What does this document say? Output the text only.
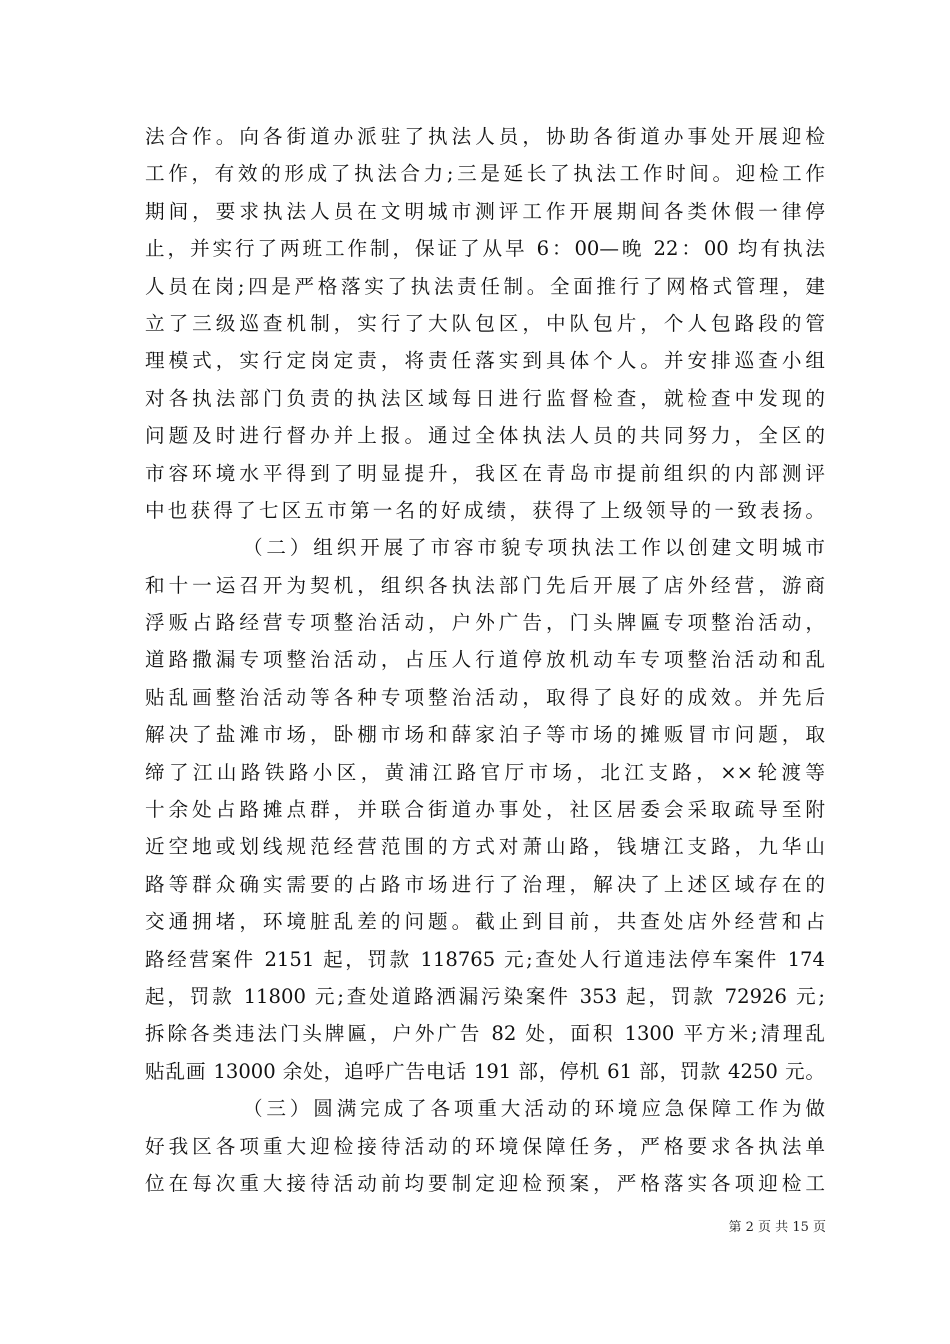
法合作。向各街道办派驻了执法人员，协助各街道办事处开展迎检
工作，有效的形成了执法合力;三是延长了执法工作时间。迎检工作
期间，要求执法人员在文明城市测评工作开展期间各类休假一律停
止，并实行了两班工作制，保证了从早 6：00—晚 22：00 均有执法
人员在岗;四是严格落实了执法责任制。全面推行了网格式管理，建
立了三级巡查机制，实行了大队包区，中队包片，个人包路段的管
理模式，实行定岗定责，将责任落实到具体个人。并安排巡查小组
对各执法部门负责的执法区域每日进行监督检查，就检查中发现的
问题及时进行督办并上报。通过全体执法人员的共同努力，全区的
市容环境水平得到了明显提升，我区在青岛市提前组织的内部测评
中也获得了七区五市第一名的好成绩，获得了上级领导的一致表扬。
（二）组织开展了市容市貌专项执法工作以创建文明城市
和十一运召开为契机，组织各执法部门先后开展了店外经营，游商
浮贩占路经营专项整治活动，户外广告，门头牌匾专项整治活动，
道路撒漏专项整治活动，占压人行道停放机动车专项整治活动和乱
贴乱画整治活动等各种专项整治活动，取得了良好的成效。并先后
解决了盐滩市场，卧棚市场和薛家泊子等市场的摊贩冒市问题，取
缔了江山路铁路小区，黄浦江路官厅市场，北江支路，××轮渡等
十余处占路摊点群，并联合街道办事处，社区居委会采取疏导至附
近空地或划线规范经营范围的方式对萧山路，钱塘江支路，九华山
路等群众确实需要的占路市场进行了治理，解决了上述区域存在的
交通拥堵，环境脏乱差的问题。截止到目前，共查处店外经营和占
路经营案件 2151 起，罚款 118765 元;查处人行道违法停车案件 174
起，罚款 11800 元;查处道路洒漏污染案件 353 起，罚款 72926 元;
拆除各类违法门头牌匾，户外广告 82 处，面积 1300 平方米;清理乱
贴乱画 13000 余处，追呼广告电话 191 部，停机 61 部，罚款 4250 元。
（三）圆满完成了各项重大活动的环境应急保障工作为做
好我区各项重大迎检接待活动的环境保障任务，严格要求各执法单
位在每次重大接待活动前均要制定迎检预案，严格落实各项迎检工
第 2 页 共 15 页
